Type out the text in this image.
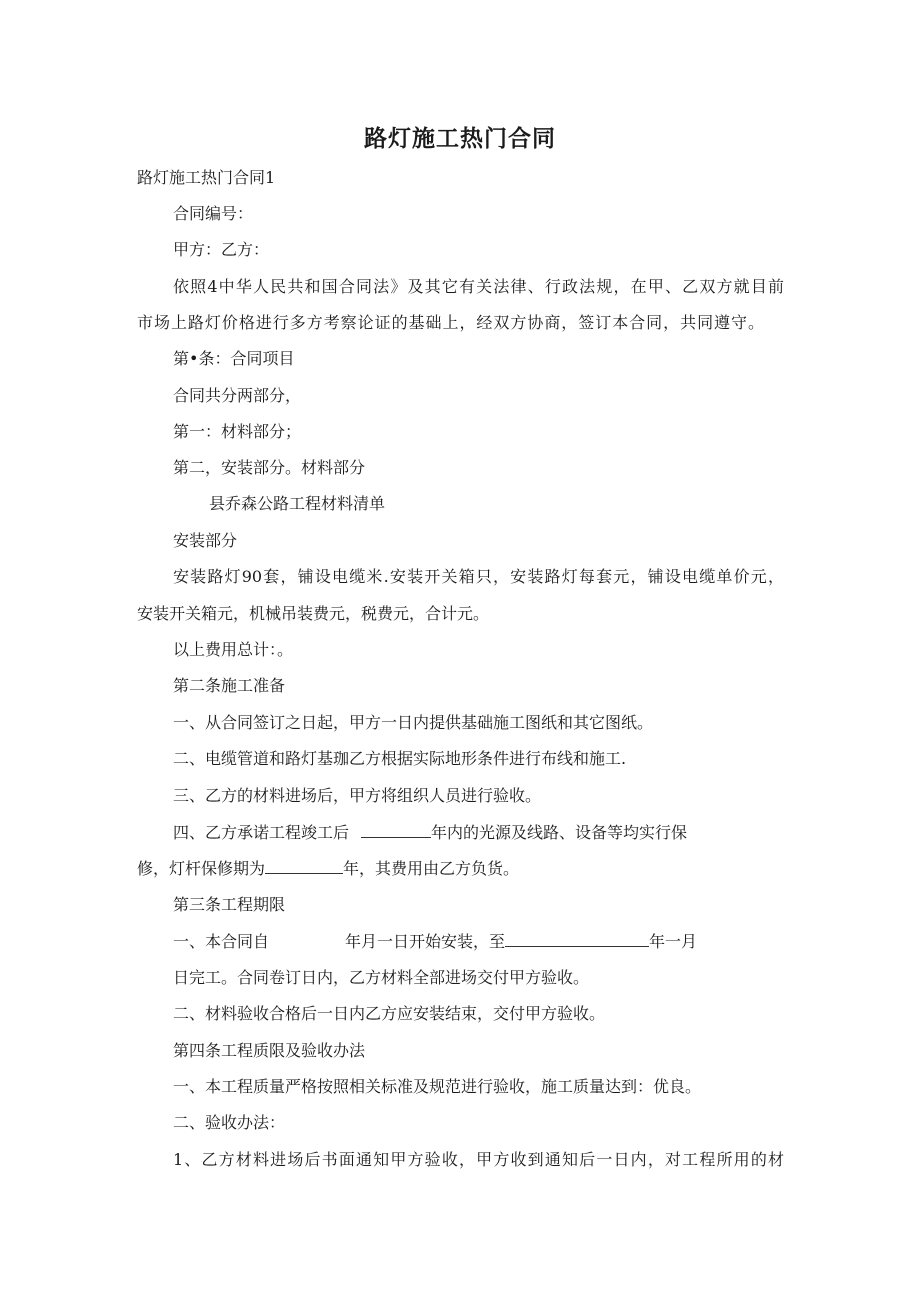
路灯施工热门合同
路灯施工热门合同1
合同编号：
甲方：乙方：
依照4中华人民共和国合同法》及其它有关法律、行政法规，在甲、乙双方就目前
市场上路灯价格进行多方考察论证的基础上，经双方协商，签订本合同，共同遵守。
第•条：合同项目
合同共分两部分，
第一：材料部分；
第二，安装部分。材料部分
县乔森公路工程材料清单
安装部分
安装路灯90套，铺设电缆米.安装开关箱只，安装路灯每套元，铺设电缆单价元，
安装开关箱元，机械吊装费元，税费元，合计元。
以上费用总计：。
第二条施工准备
一、从合同签订之日起，甲方一日内提供基础施工图纸和其它图纸。
二、电缆管道和路灯基珈乙方根据实际地形条件进行布线和施工.
三、乙方的材料进场后，甲方将组织人员进行验收。
四、乙方承诺工程竣工后	年内的光源及线路、设备等均实行保
修，灯杆保修期为	年，其费用由乙方负货。
第三条工程期限
一、本合同自	年月一日开始安装，至	年一月
日完工。合同卷订日内，乙方材料全部进场交付甲方验收。
二、材料验收合格后一日内乙方应安装结束，交付甲方验收。
第四条工程质限及验收办法
一、本工程质量严格按照相关标准及规范进行验收，施工质量达到：优良。
二、验收办法：
1、乙方材料进场后书面通知甲方验收，甲方收到通知后一日内，对工程所用的材
